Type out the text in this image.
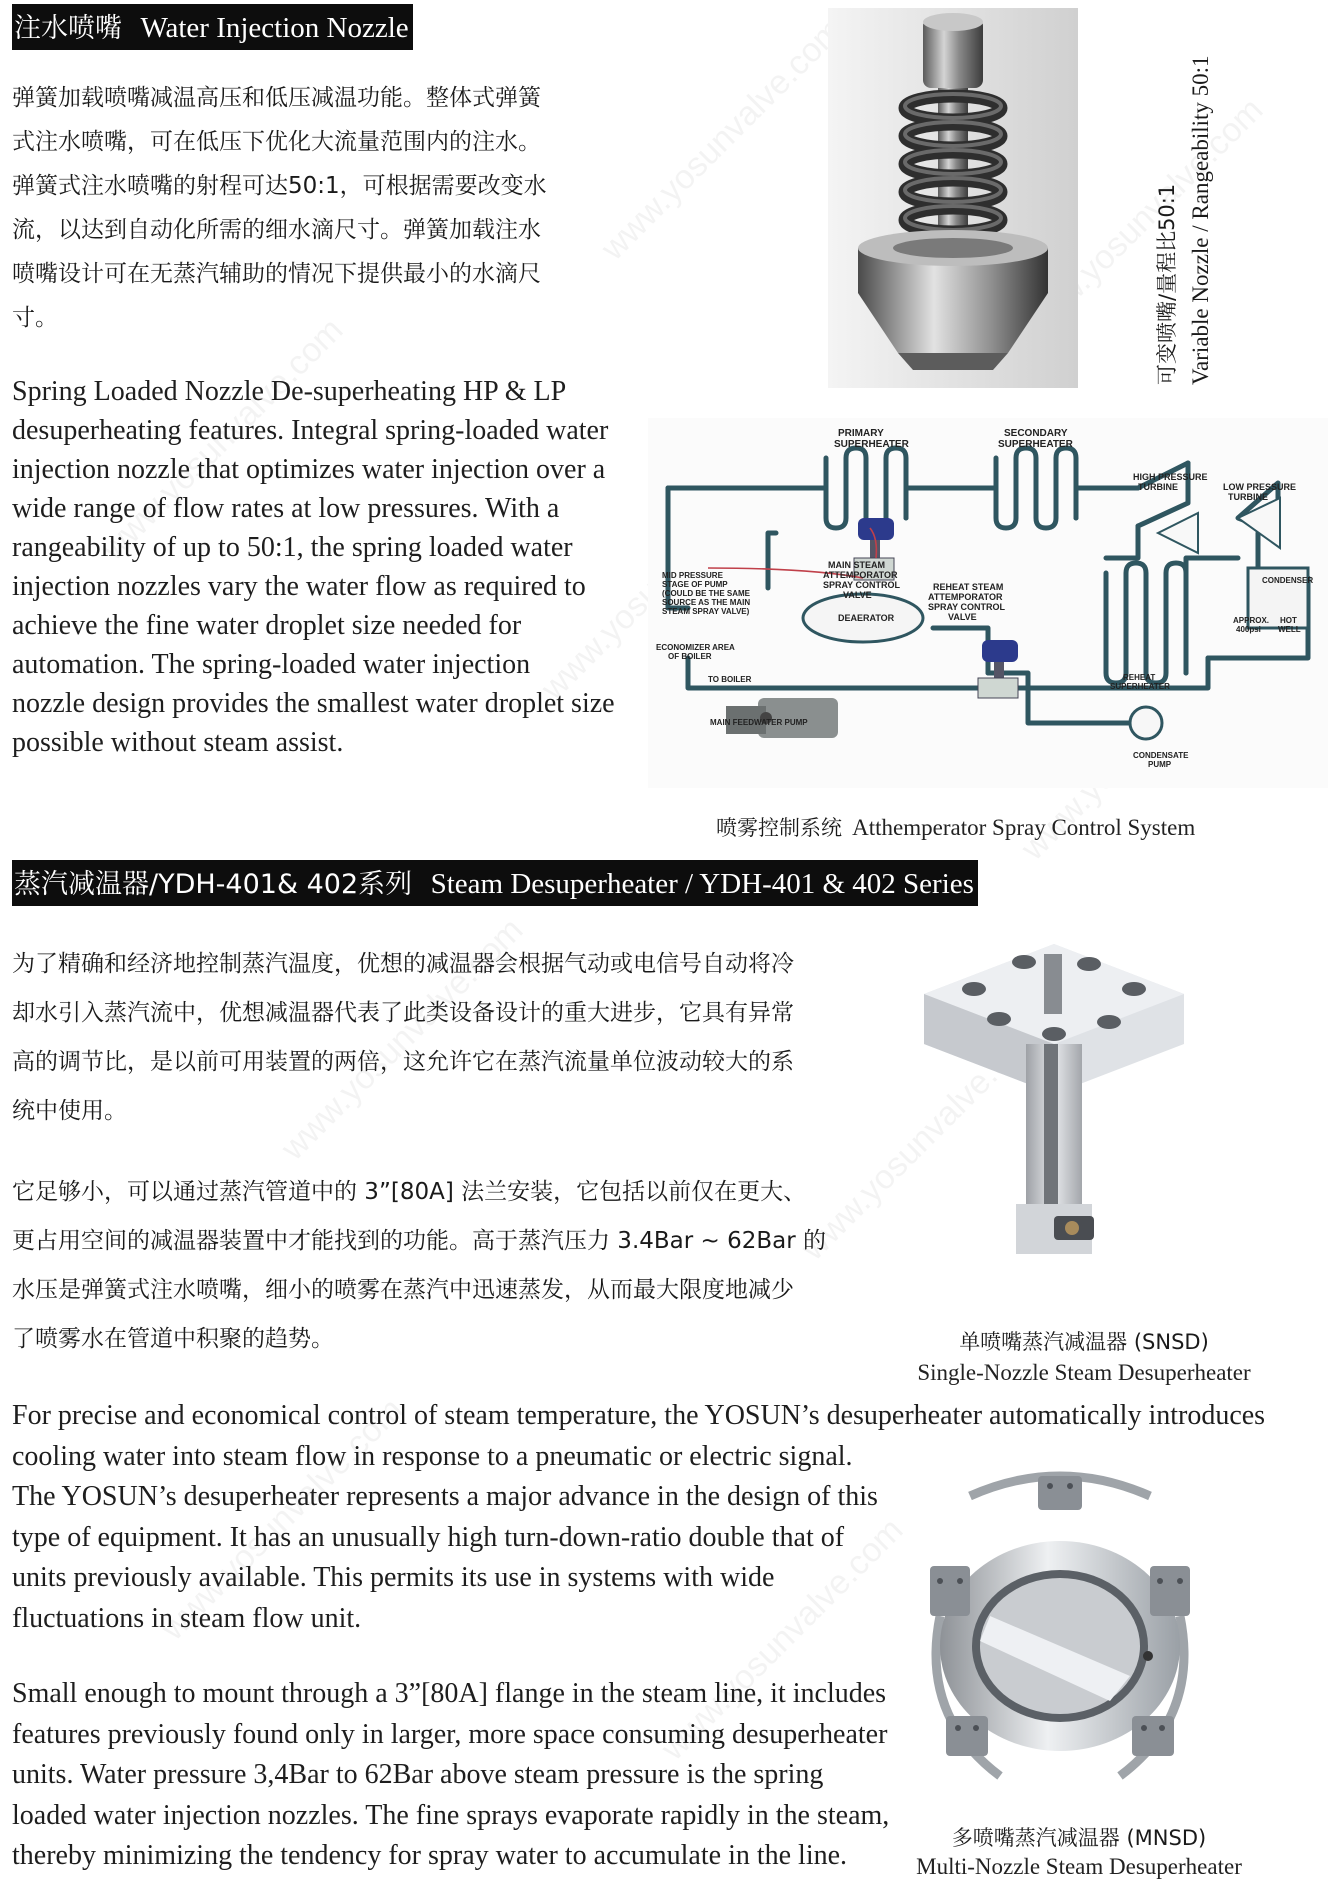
注水喷嘴 Water Injection Nozzle
弹簧加载喷嘴减温高压和低压减温功能。整体式弹簧
式注水喷嘴，可在低压下优化大流量范围内的注水。
弹簧式注水喷嘴的射程可达50:1，可根据需要改变水
流，以达到自动化所需的细水滴尺寸。弹簧加载注水
喷嘴设计可在无蒸汽辅助的情况下提供最小的水滴尺
寸。
Spring Loaded Nozzle De-superheating HP & LP
desuperheating features. Integral spring-loaded water
injection nozzle that optimizes water injection over a
wide range of flow rates at low pressures. With a
rangeability of up to 50:1, the spring loaded water
injection nozzles vary the water flow as required to
achieve the fine water droplet size needed for
automation. The spring-loaded water injection
nozzle design provides the smallest water droplet size
possible without steam assist.
可变喷嘴/量程比50:1 Variable Nozzle / Rangeability 50:1
PRIMARY SUPERHEATER
SECONDARY SUPERHEATER
HIGH PRESSURE TURBINE	LOW PRESSURE TURBINE
MAIN STEAM ATTEMPORATOR SPRAY CONTROL VALVE
REHEAT STEAM ATTEMPORATOR SPRAY CONTROL VALVE
MID PRESSURE STAGE OF PUMP (COULD BE THE SAME SOURCE AS THE MAIN STEAM SPRAY VALVE)
ECONOMIZER AREA OF BOILER
TO BOILER
DEAERATOR
MAIN FEEDWATER PUMP
CONDENSER
APPROX. 400psi
HOT WELL
REHEAT SUPERHEATER
CONDENSATE PUMP
喷雾控制系统 Atthemperator Spray Control System
蒸汽减温器/YDH-401& 402系列 Steam Desuperheater / YDH-401 & 402 Series
为了精确和经济地控制蒸汽温度，优想的减温器会根据气动或电信号自动将冷
却水引入蒸汽流中，优想减温器代表了此类设备设计的重大进步，它具有异常
高的调节比，是以前可用装置的两倍，这允许它在蒸汽流量单位波动较大的系
统中使用。
它足够小，可以通过蒸汽管道中的 3”[80A] 法兰安装，它包括以前仅在更大、
更占用空间的减温器装置中才能找到的功能。高于蒸汽压力 3.4Bar ~ 62Bar 的
水压是弹簧式注水喷嘴，细小的喷雾在蒸汽中迅速蒸发，从而最大限度地减少
了喷雾水在管道中积聚的趋势。	单喷嘴蒸汽减温器 (SNSD)
Single-Nozzle Steam Desuperheater
For precise and economical control of steam temperature, the YOSUN’s desuperheater automatically introduces
cooling water into steam flow in response to a pneumatic or electric signal.
The YOSUN’s desuperheater represents a major advance in the design of this
type of equipment. It has an unusually high turn-down-ratio double that of
units previously available. This permits its use in systems with wide
fluctuations in steam flow unit.
Small enough to mount through a 3”[80A] flange in the steam line, it includes
features previously found only in larger, more space consuming desuperheater
units. Water pressure 3,4Bar to 62Bar above steam pressure is the spring
loaded water injection nozzles. The fine sprays evaporate rapidly in the steam,
thereby minimizing the tendency for spray water to accumulate in the line.
多喷嘴蒸汽减温器 (MNSD)
Multi-Nozzle Steam Desuperheater
